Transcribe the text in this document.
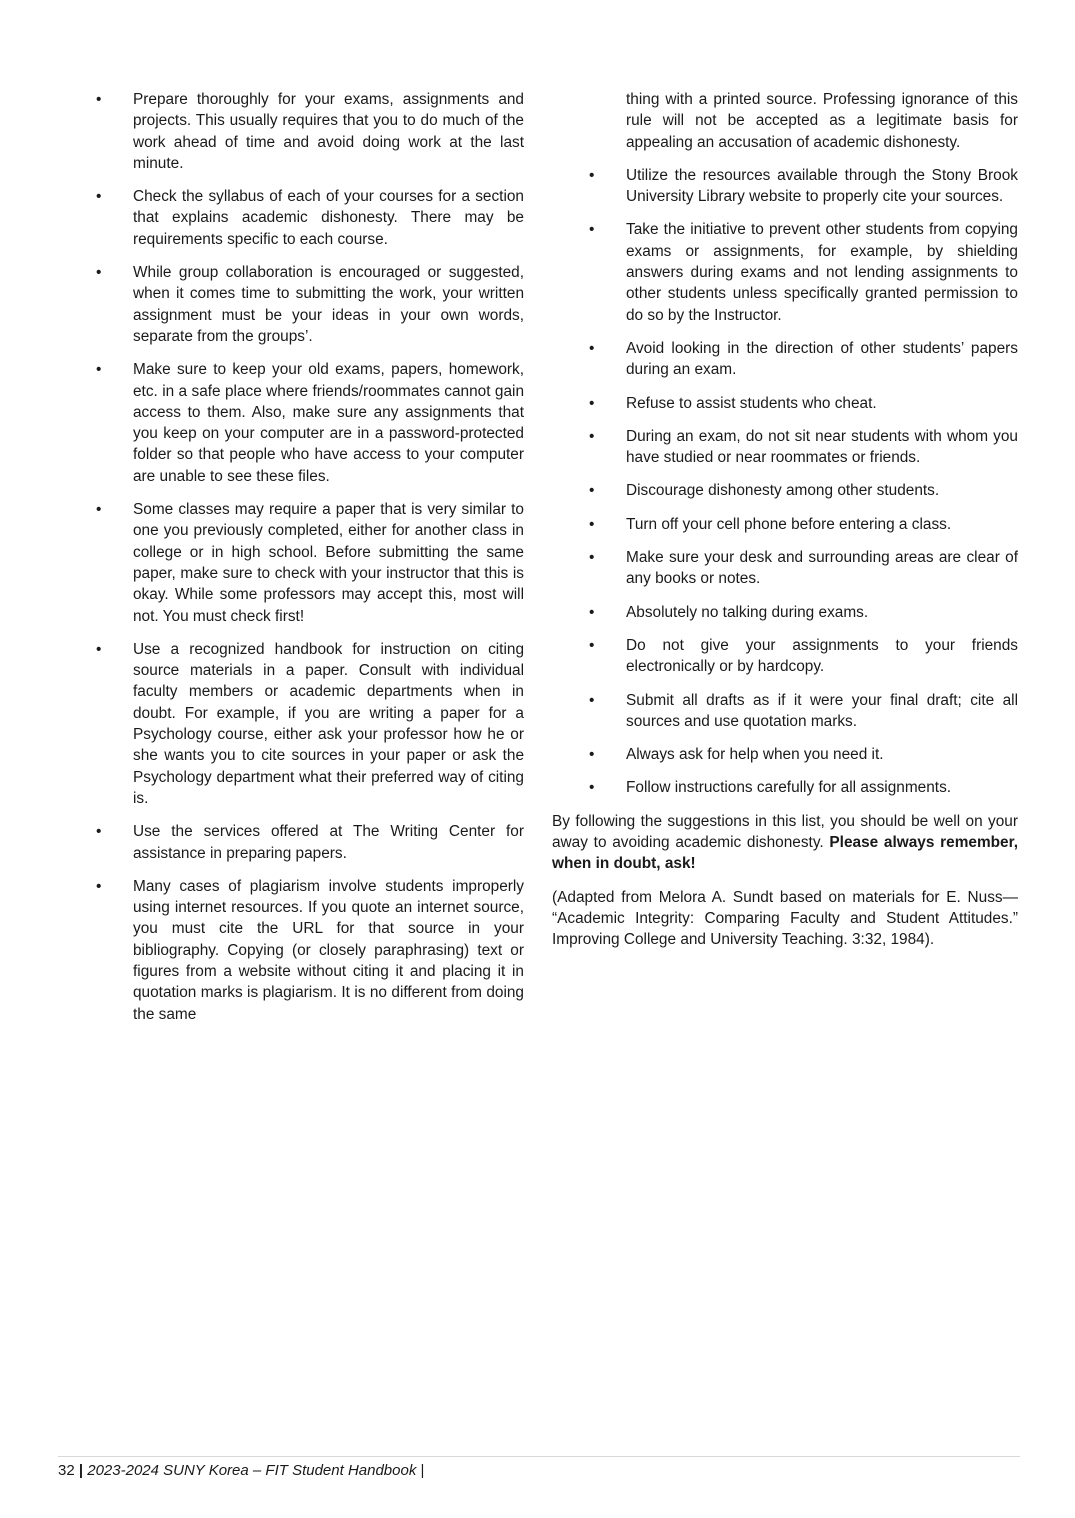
• Prepare thoroughly for your exams, assignments and projects. This usually requires that you to do much of the work ahead of time and avoid doing work at the last minute.
• Check the syllabus of each of your courses for a section that explains academic dishonesty. There may be requirements specific to each course.
• While group collaboration is encouraged or suggested, when it comes time to submitting the work, your written assignment must be your ideas in your own words, separate from the groups’.
• Make sure to keep your old exams, papers, homework, etc. in a safe place where friends/roommates cannot gain access to them. Also, make sure any assignments that you keep on your computer are in a password-protected folder so that people who have access to your computer are unable to see these files.
• Some classes may require a paper that is very similar to one you previously completed, either for another class in college or in high school. Before submitting the same paper, make sure to check with your instructor that this is okay. While some professors may accept this, most will not. You must check first!
• Use a recognized handbook for instruction on citing source materials in a paper. Consult with individual faculty members or academic departments when in doubt. For example, if you are writing a paper for a Psychology course, either ask your professor how he or she wants you to cite sources in your paper or ask the Psychology department what their preferred way of citing is.
• Use the services offered at The Writing Center for assistance in preparing papers.
• Many cases of plagiarism involve students improperly using internet resources. If you quote an internet source, you must cite the URL for that source in your bibliography. Copying (or closely paraphrasing) text or figures from a website without citing it and placing it in quotation marks is plagiarism. It is no different from doing the same

thing with a printed source. Professing ignorance of this rule will not be accepted as a legitimate basis for appealing an accusation of academic dishonesty.

• Utilize the resources available through the Stony Brook University Library website to properly cite your sources.
• Take the initiative to prevent other students from copying exams or assignments, for example, by shielding answers during exams and not lending assignments to other students unless specifically granted permission to do so by the Instructor.
• Avoid looking in the direction of other students’ papers during an exam.
• Refuse to assist students who cheat.
• During an exam, do not sit near students with whom you have studied or near roommates or friends.
• Discourage dishonesty among other students.
• Turn off your cell phone before entering a class.
• Make sure your desk and surrounding areas are clear of any books or notes.
• Absolutely no talking during exams.
• Do not give your assignments to your friends electronically or by hardcopy.
• Submit all drafts as if it were your final draft; cite all sources and use quotation marks.
• Always ask for help when you need it.
• Follow instructions carefully for all assignments.

By following the suggestions in this list, you should be well on your away to avoiding academic dishonesty. Please always remember, when in doubt, ask!

(Adapted from Melora A. Sundt based on materials for E. Nuss— “Academic Integrity: Comparing Faculty and Student Attitudes.” Improving College and University Teaching. 3:32, 1984).

32 | 2023-2024 SUNY Korea – FIT Student Handbook |
